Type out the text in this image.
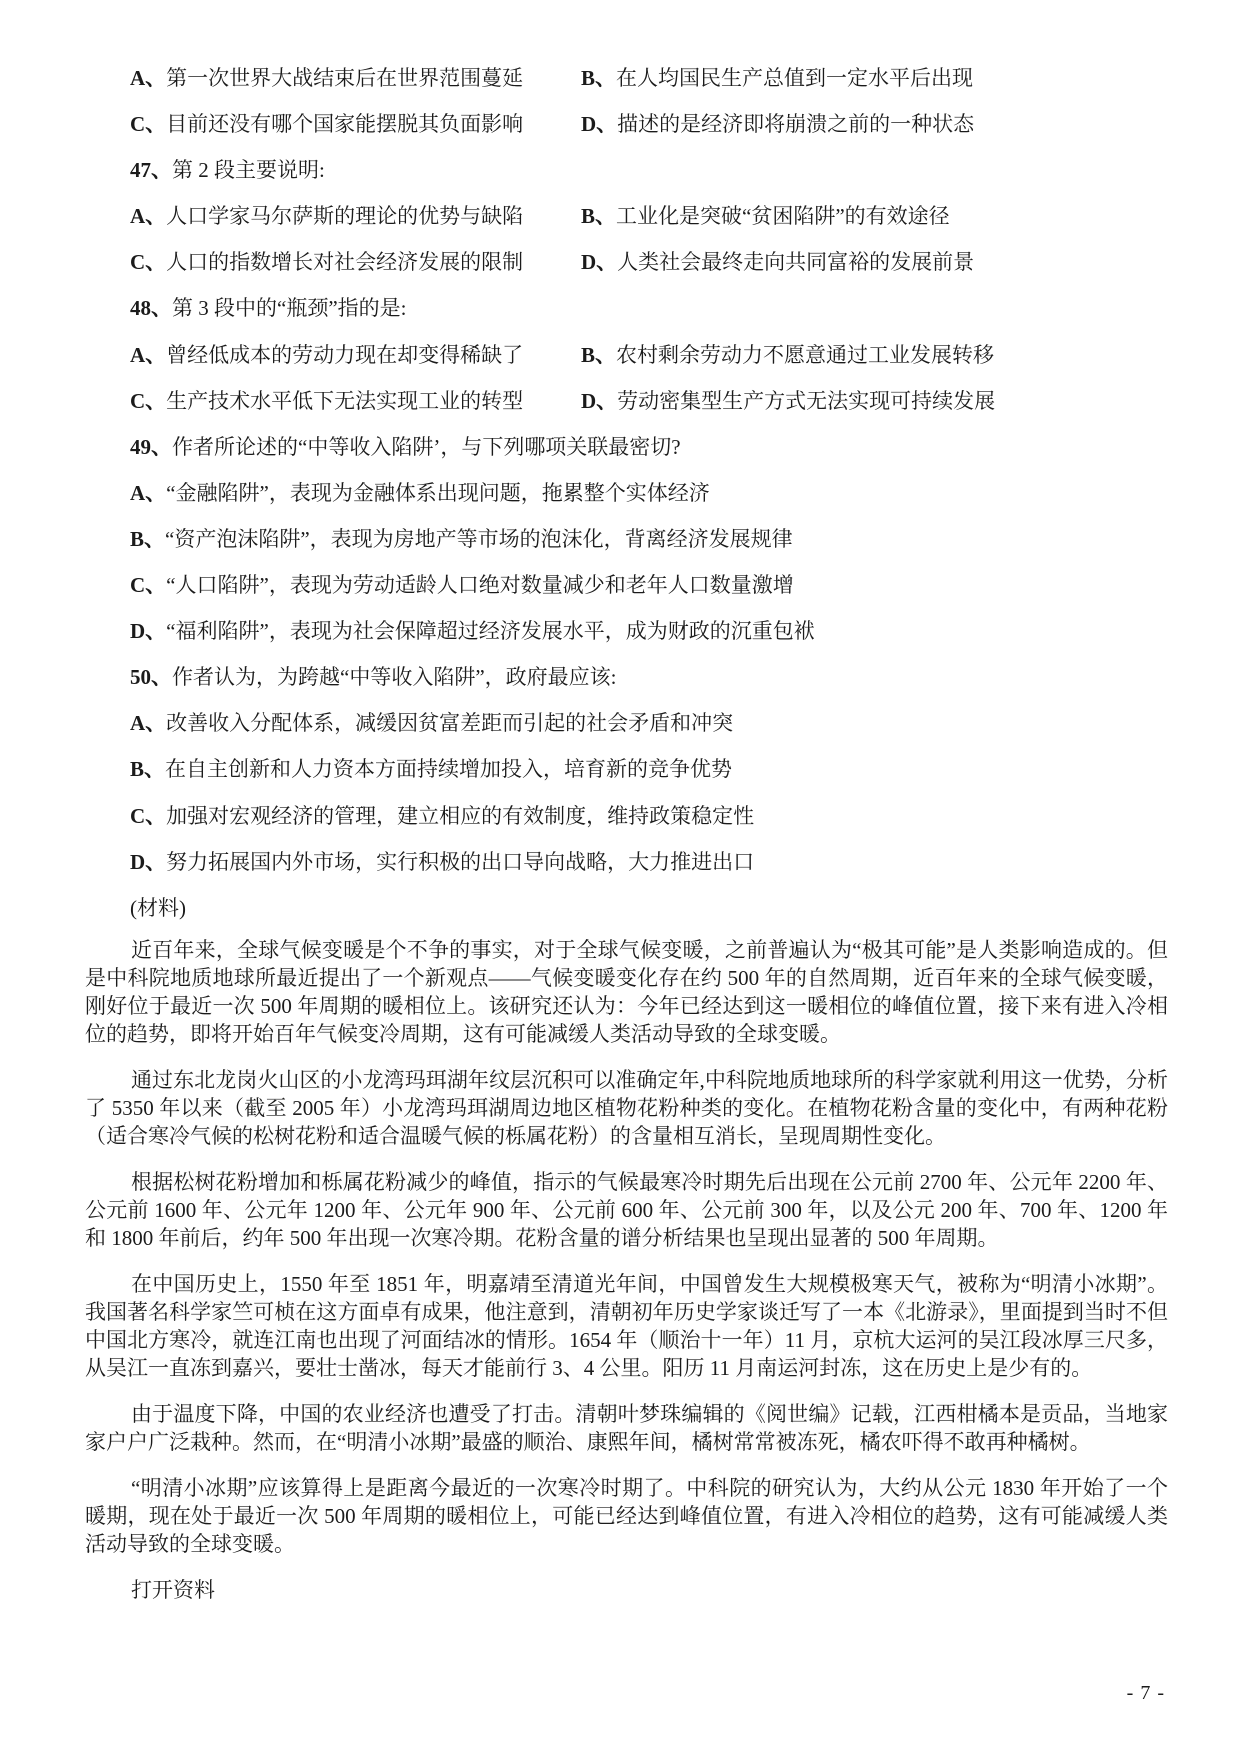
A、第一次世界大战结束后在世界范围蔓延	B、在人均国民生产总值到一定水平后出现
C、目前还没有哪个国家能摆脱其负面影响	D、描述的是经济即将崩溃之前的一种状态
47、第 2 段主要说明:
A、人口学家马尔萨斯的理论的优势与缺陷	B、工业化是突破“贫困陷阱”的有效途径
C、人口的指数增长对社会经济发展的限制	D、人类社会最终走向共同富裕的发展前景
48、第 3 段中的“瓶颈”指的是:
A、曾经低成本的劳动力现在却变得稀缺了	B、农村剩余劳动力不愿意通过工业发展转移
C、生产技术水平低下无法实现工业的转型	D、劳动密集型生产方式无法实现可持续发展
49、作者所论述的“中等收入陷阱’，与下列哪项关联最密切?
A、“金融陷阱”，表现为金融体系出现问题，拖累整个实体经济
B、“资产泡沫陷阱”，表现为房地产等市场的泡沫化，背离经济发展规律
C、“人口陷阱”，表现为劳动适龄人口绝对数量减少和老年人口数量激增
D、“福利陷阱”，表现为社会保障超过经济发展水平，成为财政的沉重包袱
50、作者认为，为跨越“中等收入陷阱”，政府最应该:
A、改善收入分配体系，减缓因贫富差距而引起的社会矛盾和冲突
B、在自主创新和人力资本方面持续增加投入，培育新的竞争优势
C、加强对宏观经济的管理，建立相应的有效制度，维持政策稳定性
D、努力拓展国内外市场，实行积极的出口导向战略，大力推进出口
(材料)

近百年来，全球气候变暖是个不争的事实，对于全球气候变暖，之前普遍认为“极其可能”是人类影响造成的。但是中科院地质地球所最近提出了一个新观点——气候变暖变化存在约 500 年的自然周期，近百年来的全球气候变暖，刚好位于最近一次 500 年周期的暖相位上。该研究还认为：今年已经达到这一暖相位的峰值位置，接下来有进入冷相位的趋势，即将开始百年气候变冷周期，这有可能减缓人类活动导致的全球变暖。

通过东北龙岗火山区的小龙湾玛珥湖年纹层沉积可以准确定年,中科院地质地球所的科学家就利用这一优势，分析了 5350 年以来（截至 2005 年）小龙湾玛珥湖周边地区植物花粉种类的变化。在植物花粉含量的变化中，有两种花粉（适合寒冷气候的松树花粉和适合温暖气候的栎属花粉）的含量相互消长，呈现周期性变化。

根据松树花粉增加和栎属花粉减少的峰值，指示的气候最寒冷时期先后出现在公元前 2700 年、公元年 2200 年、公元前 1600 年、公元年 1200 年、公元年 900 年、公元前 600 年、公元前 300 年，以及公元 200 年、700 年、1200 年和 1800 年前后，约年 500 年出现一次寒冷期。花粉含量的谱分析结果也呈现出显著的 500 年周期。

在中国历史上，1550 年至 1851 年，明嘉靖至清道光年间，中国曾发生大规模极寒天气，被称为“明清小冰期”。我国著名科学家竺可桢在这方面卓有成果，他注意到，清朝初年历史学家谈迁写了一本《北游录》，里面提到当时不但中国北方寒冷，就连江南也出现了河面结冰的情形。1654 年（顺治十一年）11 月，京杭大运河的吴江段冰厚三尺多，从吴江一直冻到嘉兴，要壮士凿冰，每天才能前行 3、4 公里。阳历 11 月南运河封冻，这在历史上是少有的。

由于温度下降，中国的农业经济也遭受了打击。清朝叶梦珠编辑的《阅世编》记载，江西柑橘本是贡品，当地家家户户广泛栽种。然而，在“明清小冰期”最盛的顺治、康熙年间，橘树常常被冻死，橘农吓得不敢再种橘树。

“明清小冰期”应该算得上是距离今最近的一次寒冷时期了。中科院的研究认为，大约从公元 1830 年开始了一个暖期，现在处于最近一次 500 年周期的暖相位上，可能已经达到峰值位置，有进入冷相位的趋势，这有可能减缓人类活动导致的全球变暖。

打开资料
- 7 -
